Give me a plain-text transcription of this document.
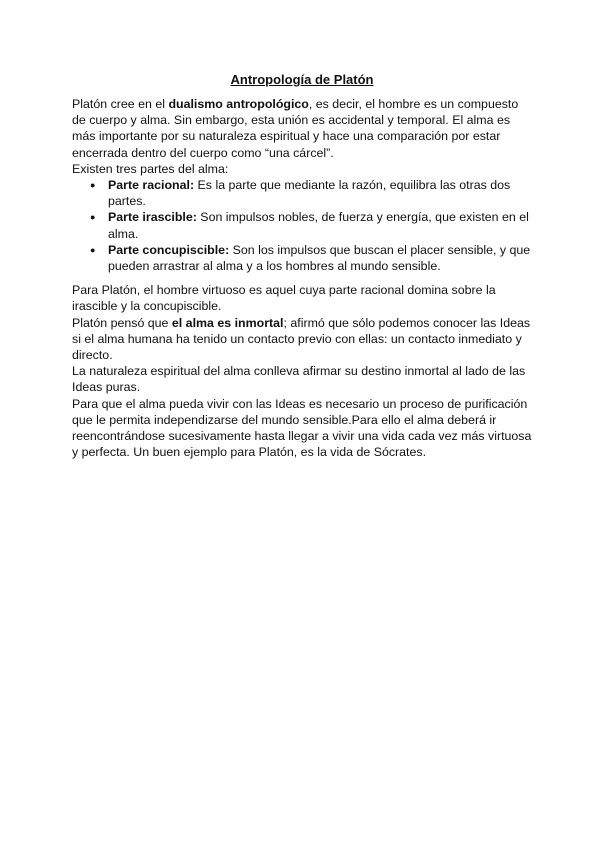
Antropología de Platón

Platón cree en el dualismo antropológico, es decir, el hombre es un compuesto de cuerpo y alma. Sin embargo, esta unión es accidental y temporal. El alma es más importante por su naturaleza espiritual y hace una comparación por estar encerrada dentro del cuerpo como “una cárcel”.

Existen tres partes del alma:

● Parte racional: Es la parte que mediante la razón, equilibra las otras dos partes.
● Parte irascible: Son impulsos nobles, de fuerza y energía, que existen en el alma.
● Parte concupiscible: Son los impulsos que buscan el placer sensible, y que pueden arrastrar al alma y a los hombres al mundo sensible.

Para Platón, el hombre virtuoso es aquel cuya parte racional domina sobre la irascible y la concupiscible.

Platón pensó que el alma es inmortal; afirmó que sólo podemos conocer las Ideas si el alma humana ha tenido un contacto previo con ellas: un contacto inmediato y directo.

La naturaleza espiritual del alma conlleva afirmar su destino inmortal al lado de las Ideas puras.

Para que el alma pueda vivir con las Ideas es necesario un proceso de purificación que le permita independizarse del mundo sensible.Para ello el alma deberá ir reencontrándose sucesivamente hasta llegar a vivir una vida cada vez más virtuosa y perfecta. Un buen ejemplo para Platón, es la vida de Sócrates.
